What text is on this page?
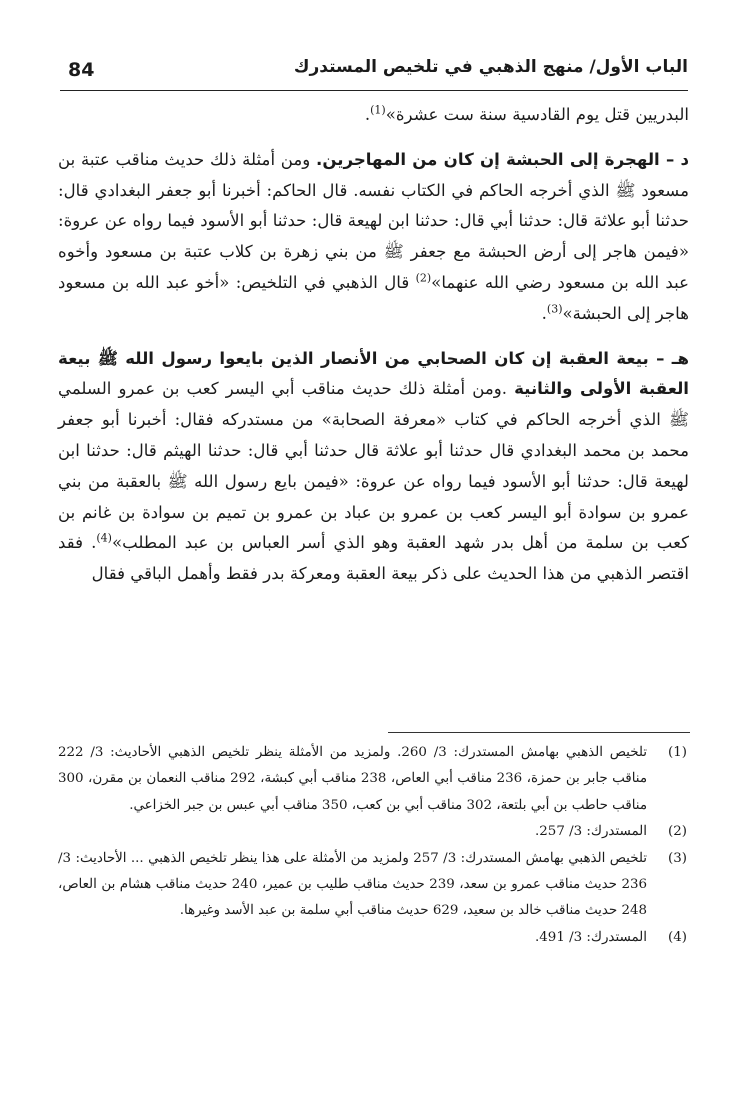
84	الباب الأول/ منهج الذهبي في تلخيص المستدرك

البدريين قتل يوم القادسية سنة ست عشرة»$^{(1)}$.

د – الهجرة إلى الحبشة إن كان من المهاجرين. ومن أمثلة ذلك حديث مناقب عتبة بن مسعود ﷺ الذي أخرجه الحاكم في الكتاب نفسه. قال الحاكم: أخبرنا أبو جعفر البغدادي قال: حدثنا أبو علاثة قال: حدثنا أبي قال: حدثنا ابن لهيعة قال: حدثنا أبو الأسود فيما رواه عن عروة: «فيمن هاجر إلى أرض الحبشة مع جعفر ﷺ من بني زهرة بن كلاب عتبة بن مسعود وأخوه عبد الله بن مسعود رضي الله عنهما»$^{(2)}$ قال الذهبي في التلخيص: «أخو عبد الله بن مسعود هاجر إلى الحبشة»$^{(3)}$.

هـ – بيعة العقبة إن كان الصحابي من الأنصار الذين بايعوا رسول الله ﷺ بيعة العقبة الأولى والثانية .ومن أمثلة ذلك حديث مناقب أبي اليسر كعب بن عمرو السلمي ﷺ الذي أخرجه الحاكم في كتاب «معرفة الصحابة» من مستدركه فقال: أخبرنا أبو جعفر محمد بن محمد البغدادي قال حدثنا أبو علاثة قال حدثنا أبي قال: حدثنا الهيثم قال: حدثنا ابن لهيعة قال: حدثنا أبو الأسود فيما رواه عن عروة: «فيمن بايع رسول الله ﷺ بالعقبة من بني عمرو بن سوادة أبو اليسر كعب بن عمرو بن عباد بن عمرو بن تميم بن سوادة بن غانم بن كعب بن سلمة من أهل بدر شهد العقبة وهو الذي أسر العباس بن عبد المطلب»$^{(4)}$. فقد اقتصر الذهبي من هذا الحديث على ذكر بيعة العقبة ومعركة بدر فقط وأهمل الباقي فقال

(1)
تلخيص الذهبي بهامش المستدرك: 3/ 260. ولمزيد من الأمثلة ينظر تلخيص الذهبي الأحاديث: 3/ 222 مناقب جابر بن حمزة، 236 مناقب أبي العاص، 238 مناقب أبي كبشة، 292 مناقب النعمان بن مقرن، 300 مناقب حاطب بن أبي بلتعة، 302 مناقب أبي بن كعب، 350 مناقب أبي عبس بن جبر الخزاعي.
(2)
المستدرك: 3/ 257.
(3)
تلخيص الذهبي بهامش المستدرك: 3/ 257 ولمزيد من الأمثلة على هذا ينظر تلخيص الذهبي ... الأحاديث: 3/ 236 حديث مناقب عمرو بن سعد، 239 حديث مناقب طليب بن عمير، 240 حديث مناقب هشام بن العاص، 248 حديث مناقب خالد بن سعيد، 629 حديث مناقب أبي سلمة بن عبد الأسد وغيرها.
(4)
المستدرك: 3/ 491.
